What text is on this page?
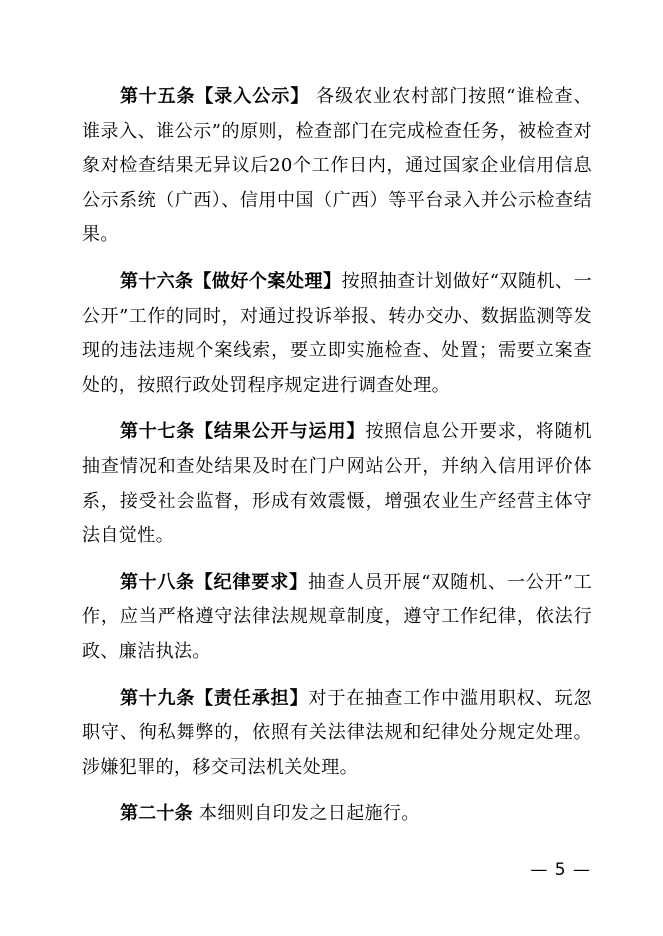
第十五条【录入公示】 各级农业农村部门按照“谁检查、谁录入、谁公示”的原则，检查部门在完成检查任务，被检查对象对检查结果无异议后20个工作日内，通过国家企业信用信息公示系统（广西）、信用中国（广西）等平台录入并公示检查结果。

第十六条【做好个案处理】按照抽查计划做好“双随机、一公开”工作的同时，对通过投诉举报、转办交办、数据监测等发现的违法违规个案线索，要立即实施检查、处置；需要立案查处的，按照行政处罚程序规定进行调查处理。

第十七条【结果公开与运用】按照信息公开要求，将随机抽查情况和查处结果及时在门户网站公开，并纳入信用评价体系，接受社会监督，形成有效震慑，增强农业生产经营主体守法自觉性。

第十八条【纪律要求】抽查人员开展“双随机、一公开”工作，应当严格遵守法律法规规章制度，遵守工作纪律，依法行政、廉洁执法。

第十九条【责任承担】对于在抽查工作中滥用职权、玩忽职守、徇私舞弊的，依照有关法律法规和纪律处分规定处理。涉嫌犯罪的，移交司法机关处理。

第二十条 本细则自印发之日起施行。

— 5 —
